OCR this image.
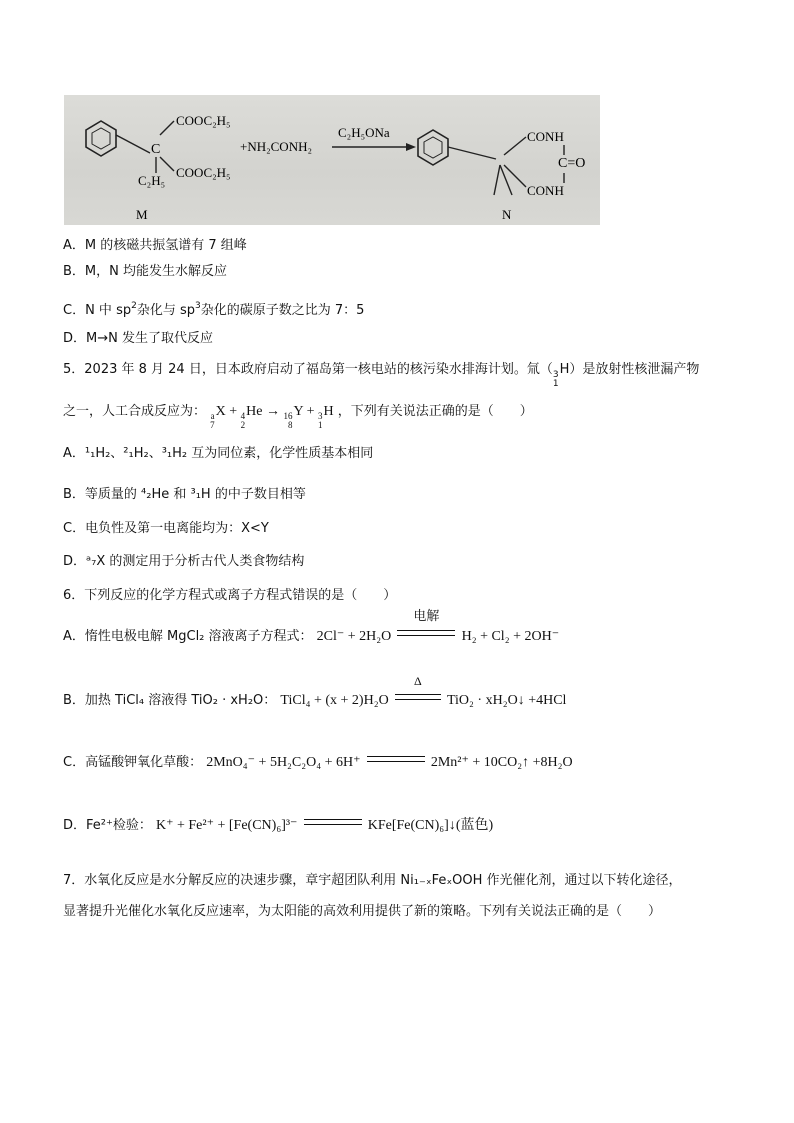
C
COOC₂H₅
COOC₂H₅
C₂H₅
M
+NH₂CONH₂
C₂H₅ONa	CONH
CONH
C=O
N
A．M 的核磁共振氢谱有 7 组峰
B．M，N 均能发生水解反应
C．N 中 $sp^2$杂化与 $sp^3$杂化的碳原子数之比为 7：5
D．M→N 发生了取代反应
5．2023 年 8 月 24 日，日本政府启动了福岛第一核电站的核污染水排海计划。氚（ 3
1
H）是放射性核泄漏产物
之一，人工合成反应为： a
7
X + 4
2
He → 16
8
Y + 3
1
H ，下列有关说法正确的是（　　）
A．¹₁H₂、²₁H₂、³₁H₂ 互为同位素，化学性质基本相同
B．等质量的 ⁴₂He 和 ³₁H 的中子数目相等
C．电负性及第一电离能均为：X<Y
D．ᵃ₇X 的测定用于分析古代人类食物结构
6．下列反应的化学方程式或离子方程式错误的是（　　）
A．惰性电极电解 MgCl₂ 溶液离子方程式： 2Cl⁻ + 2H₂O
电解
H₂ + Cl₂ + 2OH⁻
B．加热 TiCl₄ 溶液得 TiO₂ · xH₂O： TiCl₄ + (x + 2)H₂O
Δ
TiO₂ · xH₂O↓ +4HCl
C．高锰酸钾氧化草酸： 2MnO₄⁻ + 5H₂C₂O₄ + 6H⁺	2Mn²⁺ + 10CO₂↑ +8H₂O
D．Fe²⁺检验： K⁺ + Fe²⁺ + [Fe(CN)₆]³⁻	KFe[Fe(CN)₆]↓(蓝色)
7．水氧化反应是水分解反应的决速步骤，章宇超团队利用 Ni₁₋ₓFeₓOOH 作光催化剂，通过以下转化途径，
显著提升光催化水氧化反应速率，为太阳能的高效利用提供了新的策略。下列有关说法正确的是（　　）
